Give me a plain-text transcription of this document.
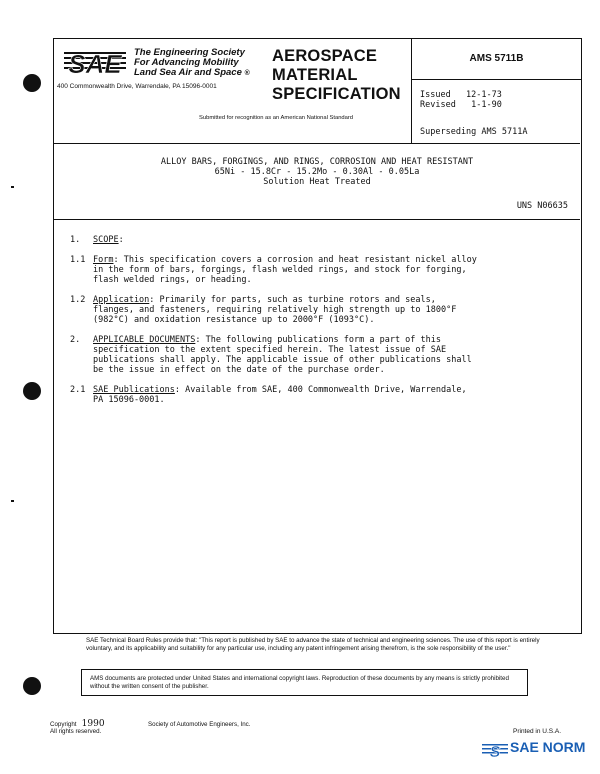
SAE The Engineering Society
For Advancing Mobility
Land Sea Air and Space ®
400 Commonwealth Drive, Warrendale, PA 15096-0001
AEROSPACE
MATERIAL
SPECIFICATION
Submitted for recognition as an American National Standard
AMS 5711B
Issued   12-1-73
Revised   1-1-90
Superseding AMS 5711A
ALLOY BARS, FORGINGS, AND RINGS, CORROSION AND HEAT RESISTANT
65Ni - 15.8Cr - 15.2Mo - 0.30Al - 0.05La
Solution Heat Treated
UNS N06635
1.	SCOPE:
1.1 Form: This specification covers a corrosion and heat resistant nickel alloy
in the form of bars, forgings, flash welded rings, and stock for forging,
flash welded rings, or heading.
1.2 Application: Primarily for parts, such as turbine rotors and seals,
flanges, and fasteners, requiring relatively high strength up to 1800°F
(982°C) and oxidation resistance up to 2000°F (1093°C).
2.	APPLICABLE DOCUMENTS: The following publications form a part of this
specification to the extent specified herein. The latest issue of SAE
publications shall apply. The applicable issue of other publications shall
be the issue in effect on the date of the purchase order.
2.1 SAE Publications: Available from SAE, 400 Commonwealth Drive, Warrendale,
PA 15096-0001.
SAE Technical Board Rules provide that: "This report is published by SAE to advance the state of technical and engineering sciences. The use of this report is entirely voluntary, and its applicability and suitability for any particular use, including any patent infringement arising therefrom, is the sole responsibility of the user."
AMS documents are protected under United States and international copyright laws. Reproduction of these documents by any means is strictly prohibited without the written consent of the publisher.
Copyright 1990
All rights reserved.
Society of Automotive Engineers, Inc.
Printed in U.S.A.
S SAE NORM
